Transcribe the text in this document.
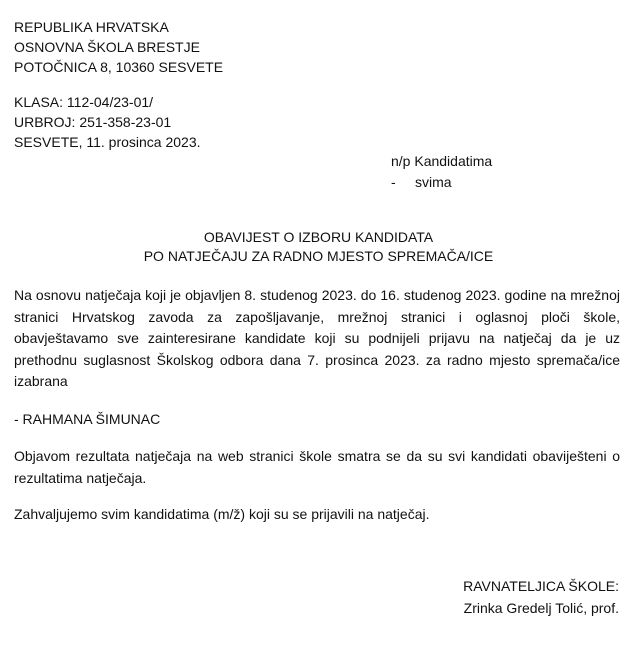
REPUBLIKA HRVATSKA
OSNOVNA ŠKOLA BRESTJE
POTOČNICA 8, 10360 SESVETE
KLASA: 112-04/23-01/
URBROJ: 251-358-23-01
SESVETE, 11. prosinca 2023.
n/p Kandidatima
- svima
OBAVIJEST O IZBORU KANDIDATA
PO NATJEČAJU ZA RADNO MJESTO SPREMAČA/ICE
Na osnovu natječaja koji je objavljen 8. studenog 2023. do 16. studenog 2023. godine na mrežnoj stranici Hrvatskog zavoda za zapošljavanje, mrežnoj stranici i oglasnoj ploči škole, obavještavamo sve zainteresirane kandidate koji su podnijeli prijavu na natječaj da je uz prethodnu suglasnost Školskog odbora dana 7. prosinca 2023. za radno mjesto spremača/ice izabrana
- RAHMANA ŠIMUNAC
Objavom rezultata natječaja na web stranici škole smatra se da su svi kandidati obaviješteni o rezultatima natječaja.
Zahvaljujemo svim kandidatima (m/ž) koji su se prijavili na natječaj.
RAVNATELJICA ŠKOLE:
Zrinka Gredelj Tolić, prof.
